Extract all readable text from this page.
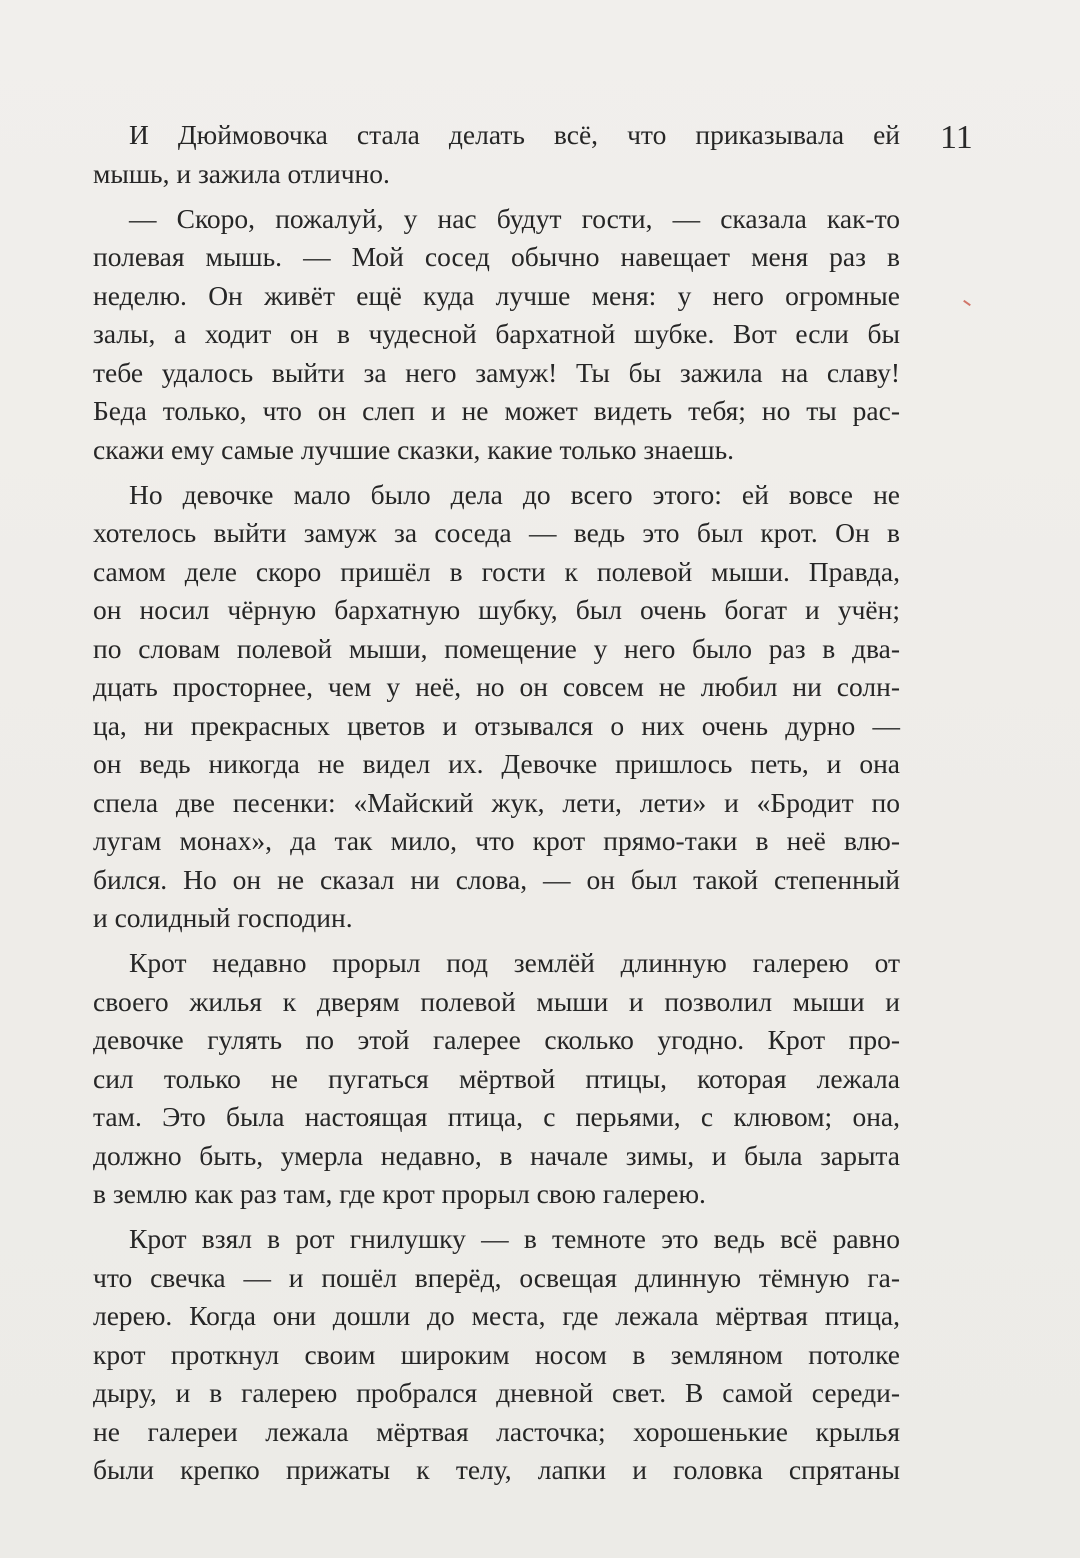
11
И Дюймовочка стала делать всё, что приказывала ей
мышь, и зажила отлично.
— Скоро, пожалуй, у нас будут гости, — сказала как-то
полевая мышь. — Мой сосед обычно навещает меня раз в
неделю. Он живёт ещё куда лучше меня: у него огромные
залы, а ходит он в чудесной бархатной шубке. Вот если бы
тебе удалось выйти за него замуж! Ты бы зажила на славу!
Беда только, что он слеп и не может видеть тебя; но ты рас-
скажи ему самые лучшие сказки, какие только знаешь.
Но девочке мало было дела до всего этого: ей вовсе не
хотелось выйти замуж за соседа — ведь это был крот. Он в
самом деле скоро пришёл в гости к полевой мыши. Правда,
он носил чёрную бархатную шубку, был очень богат и учён;
по словам полевой мыши, помещение у него было раз в два-
дцать просторнее, чем у неё, но он совсем не любил ни солн-
ца, ни прекрасных цветов и отзывался о них очень дурно —
он ведь никогда не видел их. Девочке пришлось петь, и она
спела две песенки: «Майский жук, лети, лети» и «Бродит по
лугам монах», да так мило, что крот прямо-таки в неё влю-
бился. Но он не сказал ни слова, — он был такой степенный
и солидный господин.
Крот недавно прорыл под землёй длинную галерею от
своего жилья к дверям полевой мыши и позволил мыши и
девочке гулять по этой галерее сколько угодно. Крот про-
сил только не пугаться мёртвой птицы, которая лежала
там. Это была настоящая птица, с перьями, с клювом; она,
должно быть, умерла недавно, в начале зимы, и была зарыта
в землю как раз там, где крот прорыл свою галерею.
Крот взял в рот гнилушку — в темноте это ведь всё равно
что свечка — и пошёл вперёд, освещая длинную тёмную га-
лерею. Когда они дошли до места, где лежала мёртвая птица,
крот проткнул своим широким носом в земляном потолке
дыру, и в галерею пробрался дневной свет. В самой середи-
не галереи лежала мёртвая ласточка; хорошенькие крылья
были крепко прижаты к телу, лапки и головка спрятаны
